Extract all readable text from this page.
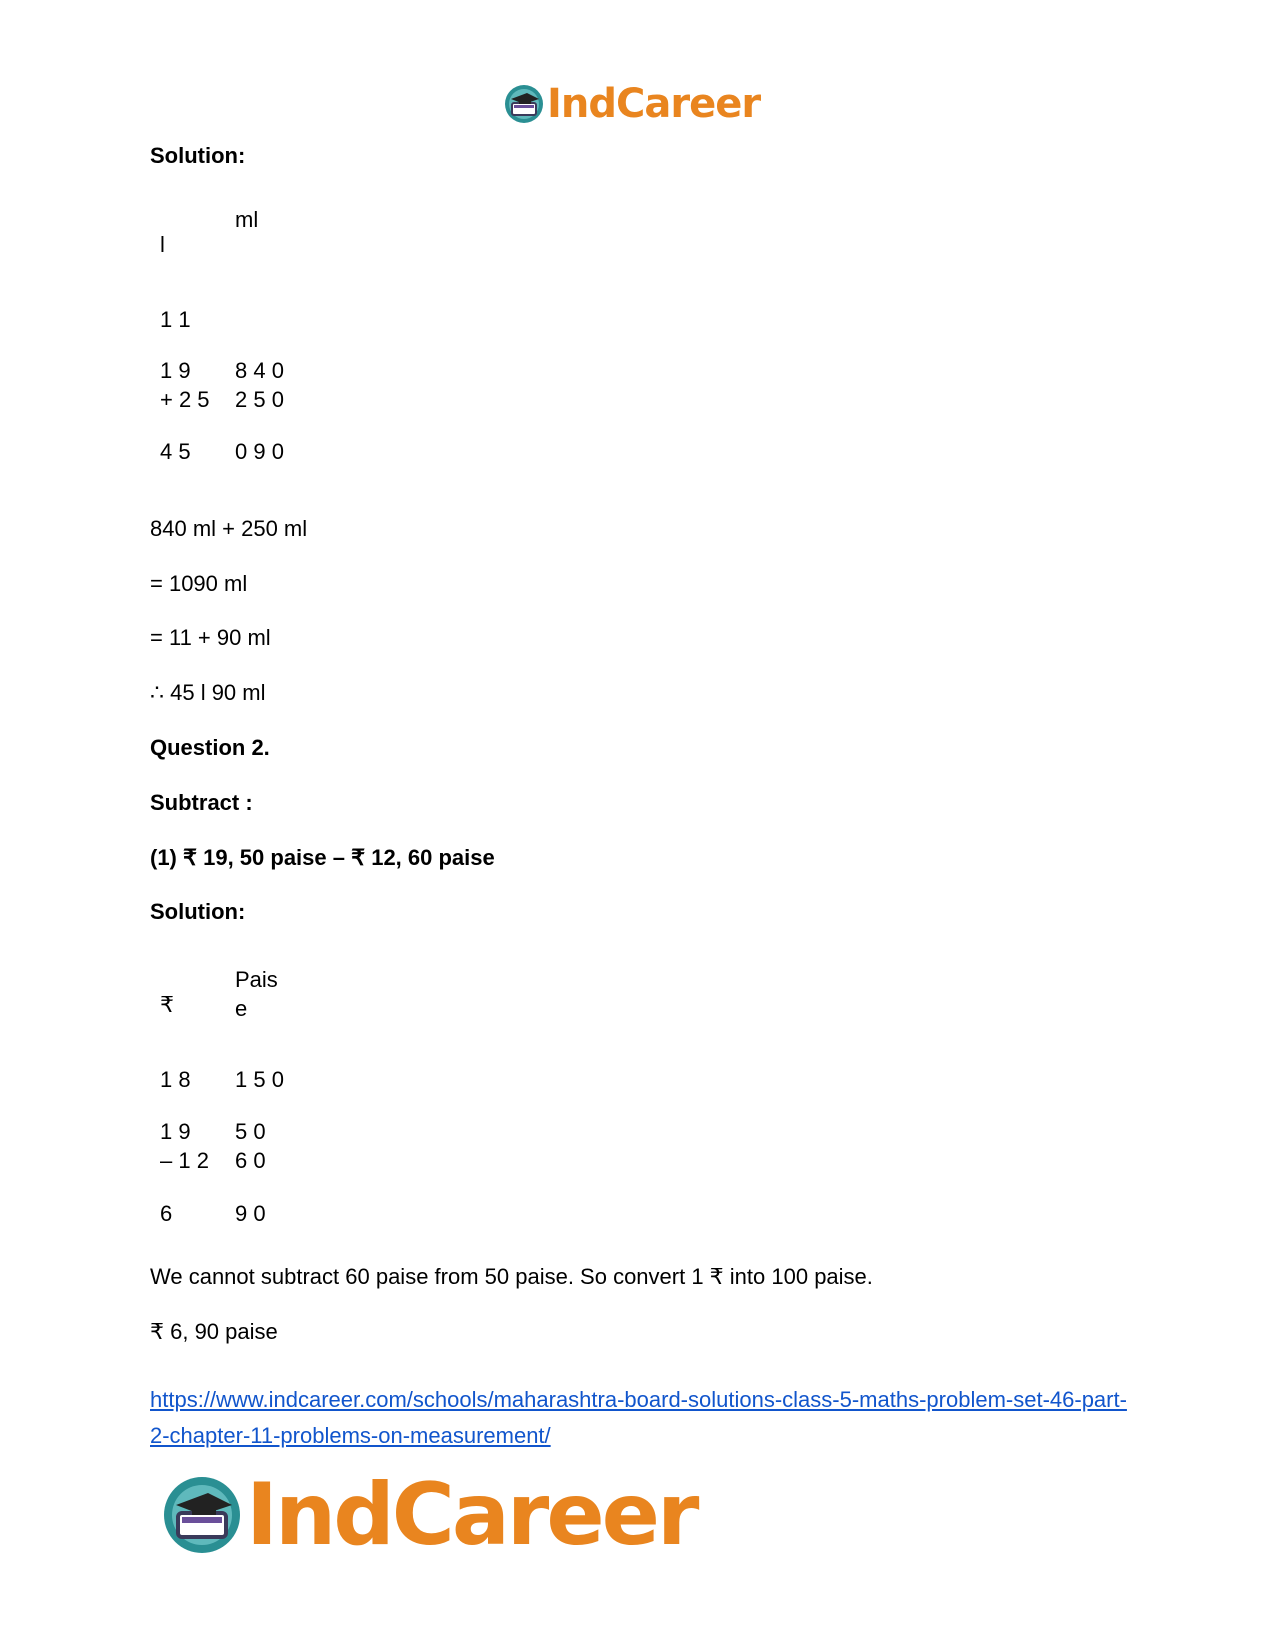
IndCareer
Solution:
ml
l
1 1
1 9 8 4 0
+ 2 5 2 5 0
4 5 0 9 0
840 ml + 250 ml
= 1090 ml
= 11 + 90 ml
∴ 45 l 90 ml
Question 2.
Subtract :
(1) ₹ 19, 50 paise – ₹ 12, 60 paise
Solution:
Pais
₹	e
1 8 1 5 0
1 9 5 0
– 1 2 6 0
6	9 0
We cannot subtract 60 paise from 50 paise. So convert 1 ₹ into 100 paise.
₹ 6, 90 paise
https://www.indcareer.com/schools/maharashtra-board-solutions-class-5-maths-problem-set-46-part-2-chapter-11-problems-on-measurement/
IndCareer
